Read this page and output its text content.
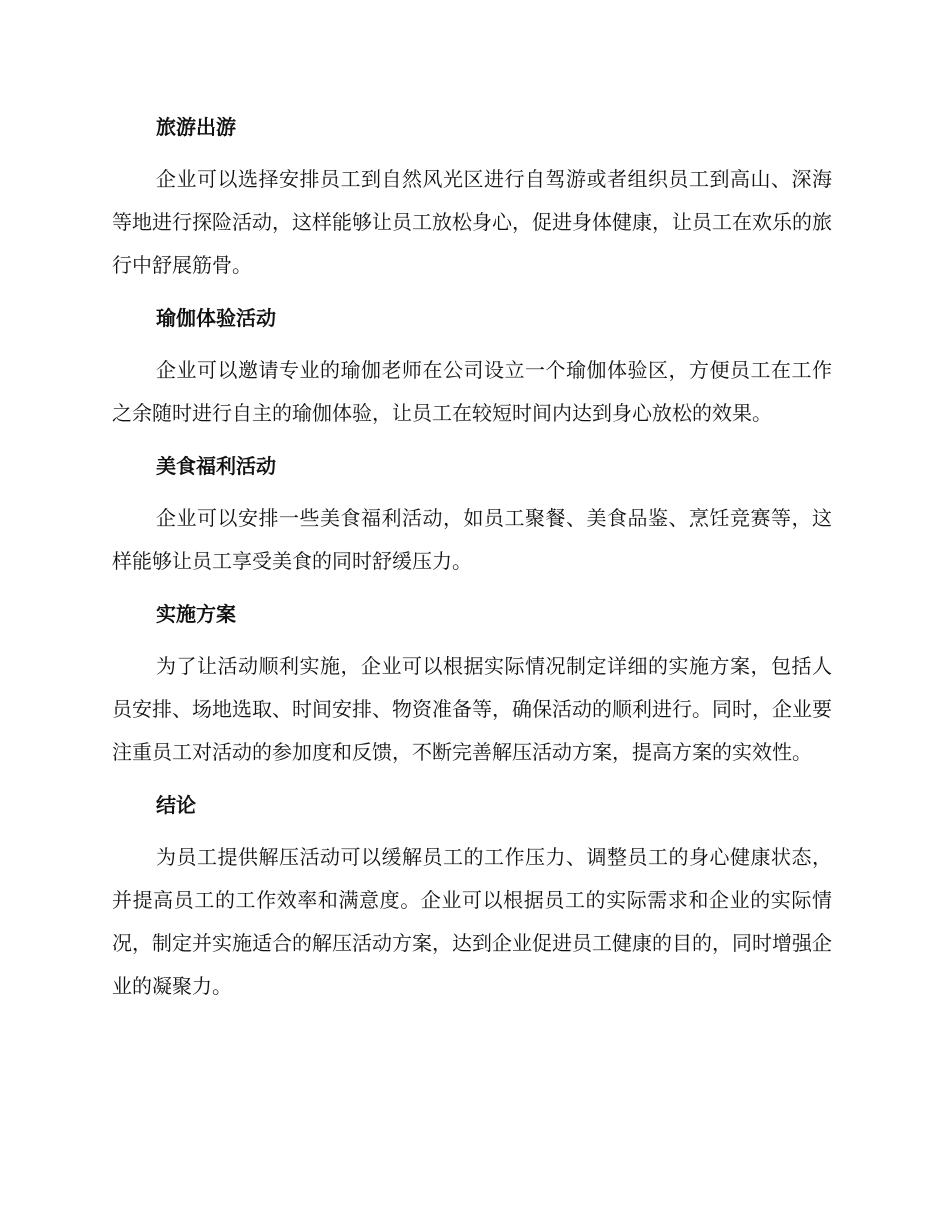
旅游出游

企业可以选择安排员工到自然风光区进行自驾游或者组织员工到高山、深海等地进行探险活动，这样能够让员工放松身心，促进身体健康，让员工在欢乐的旅行中舒展筋骨。

瑜伽体验活动

企业可以邀请专业的瑜伽老师在公司设立一个瑜伽体验区，方便员工在工作之余随时进行自主的瑜伽体验，让员工在较短时间内达到身心放松的效果。

美食福利活动

企业可以安排一些美食福利活动，如员工聚餐、美食品鉴、烹饪竞赛等，这样能够让员工享受美食的同时舒缓压力。

实施方案

为了让活动顺利实施，企业可以根据实际情况制定详细的实施方案，包括人员安排、场地选取、时间安排、物资准备等，确保活动的顺利进行。同时，企业要注重员工对活动的参加度和反馈，不断完善解压活动方案，提高方案的实效性。

结论

为员工提供解压活动可以缓解员工的工作压力、调整员工的身心健康状态，并提高员工的工作效率和满意度。企业可以根据员工的实际需求和企业的实际情况，制定并实施适合的解压活动方案，达到企业促进员工健康的目的，同时增强企业的凝聚力。
